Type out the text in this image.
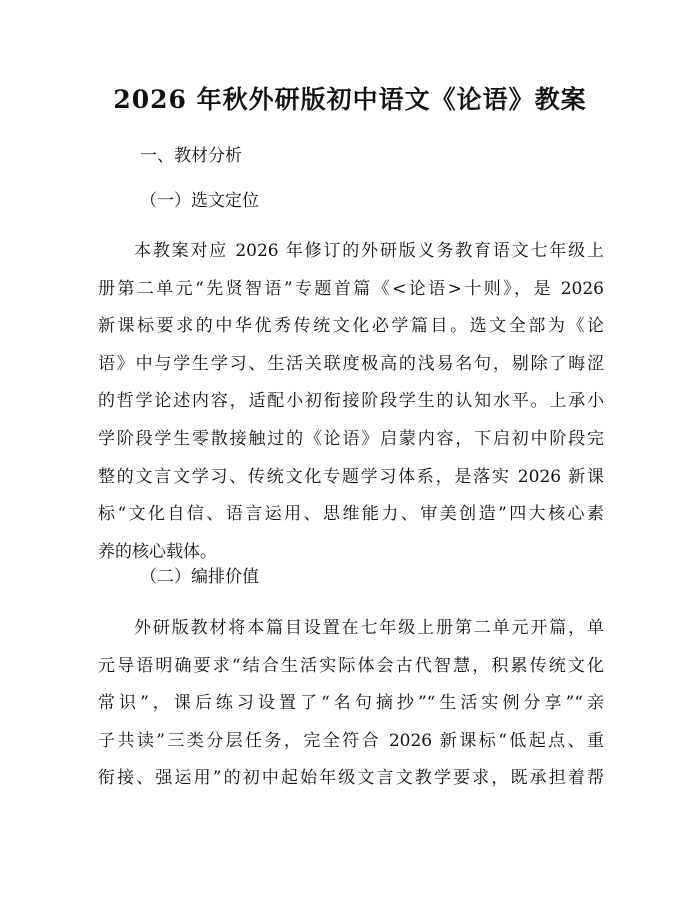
2026 年秋外研版初中语文《论语》教案

一、教材分析

（一）选文定位

本教案对应 2026 年修订的外研版义务教育语文七年级上
册第二单元“先贤智语”专题首篇《<论语>十则》，是 2026
新课标要求的中华优秀传统文化必学篇目。选文全部为《论
语》中与学生学习、生活关联度极高的浅易名句，剔除了晦涩
的哲学论述内容，适配小初衔接阶段学生的认知水平。上承小
学阶段学生零散接触过的《论语》启蒙内容，下启初中阶段完
整的文言文学习、传统文化专题学习体系，是落实 2026 新课
标“文化自信、语言运用、思维能力、审美创造”四大核心素
养的核心载体。

（二）编排价值

外研版教材将本篇目设置在七年级上册第二单元开篇，单
元导语明确要求“结合生活实际体会古代智慧，积累传统文化
常识”，课后练习设置了“名句摘抄”“生活实例分享”“亲
子共读”三类分层任务，完全符合 2026 新课标“低起点、重
衔接、强运用”的初中起始年级文言文教学要求，既承担着帮
